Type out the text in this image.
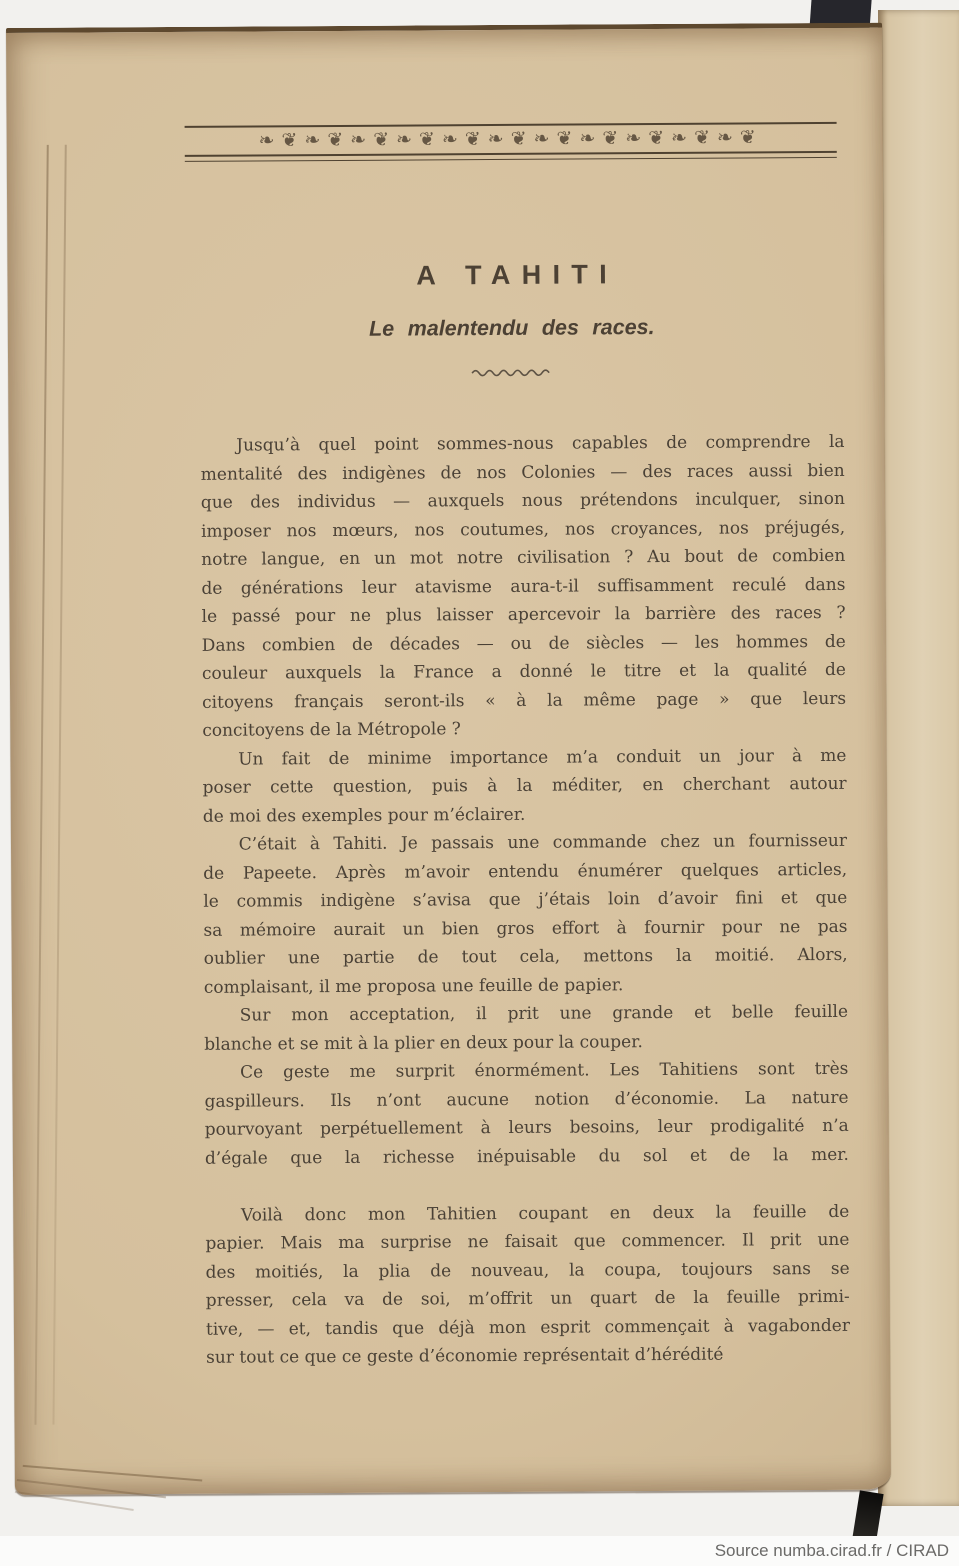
❧❦❧❦❧❦❧❦❧❦❧❦❧❦❧❦❧❦❧❦❧❦
A TAHITI
Le malentendu des races.
Jusqu’à quel point sommes-nous capables de comprendre la
mentalité des indigènes de nos Colonies — des races aussi bien
que des individus — auxquels nous prétendons inculquer, sinon
imposer nos mœurs, nos coutumes, nos croyances, nos préjugés,
notre langue, en un mot notre civilisation ? Au bout de combien
de générations leur atavisme aura-t-il suffisamment reculé dans
le passé pour ne plus laisser apercevoir la barrière des races ?
Dans combien de décades — ou de siècles — les hommes de
couleur auxquels la France a donné le titre et la qualité de
citoyens français seront-ils « à la même page » que leurs
concitoyens de la Métropole ?
Un fait de minime importance m’a conduit un jour à me
poser cette question, puis à la méditer, en cherchant autour
de moi des exemples pour m’éclairer.
C’était à Tahiti. Je passais une commande chez un fournisseur
de Papeete. Après m’avoir entendu énumérer quelques articles,
le commis indigène s’avisa que j’étais loin d’avoir fini et que
sa mémoire aurait un bien gros effort à fournir pour ne pas
oublier une partie de tout cela, mettons la moitié. Alors,
complaisant, il me proposa une feuille de papier.
Sur mon acceptation, il prit une grande et belle feuille
blanche et se mit à la plier en deux pour la couper.
Ce geste me surprit énormément. Les Tahitiens sont très
gaspilleurs. Ils n’ont aucune notion d’économie. La nature
pourvoyant perpétuellement à leurs besoins, leur prodigalité n’a
d’égale que la richesse inépuisable du sol et de la mer.
Voilà donc mon Tahitien coupant en deux la feuille de
papier. Mais ma surprise ne faisait que commencer. Il prit une
des moitiés, la plia de nouveau, la coupa, toujours sans se
presser, cela va de soi, m’offrit un quart de la feuille primi-
tive, — et, tandis que déjà mon esprit commençait à vagabonder
sur tout ce que ce geste d’économie représentait d’hérédité
Source numba.cirad.fr / CIRAD
